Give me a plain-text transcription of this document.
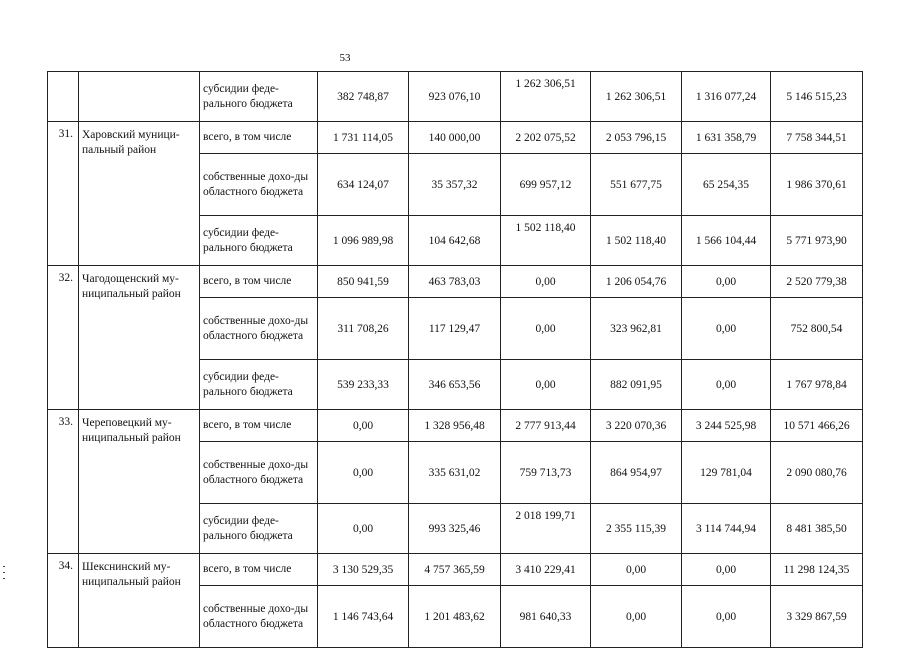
53
		субсидии феде-ральнoго бюджета	382 748,87	923 076,10	1 262 306,51	1 262 306,51	1 316 077,24	5 146 515,23
31.	Харовский муници-пальный район	всего, в том числе	1 731 114,05	140 000,00	2 202 075,52	2 053 796,15	1 631 358,79	7 758 344,51
		собственные дохо-ды областного бюджета	634 124,07	35 357,32	699 957,12	551 677,75	65 254,35	1 986 370,61
		субсидии феде-рального бюджета	1 096 989,98	104 642,68	1 502 118,40	1 502 118,40	1 566 104,44	5 771 973,90
32.	Чагодощенский му-ниципальный район	всего, в том числе	850 941,59	463 783,03	0,00	1 206 054,76	0,00	2 520 779,38
		собственные дохо-ды областного бюджета	311 708,26	117 129,47	0,00	323 962,81	0,00	752 800,54
		субсидии феде-рального бюджета	539 233,33	346 653,56	0,00	882 091,95	0,00	1 767 978,84
33.	Череповецкий му-ниципальный район	всего, в том числе	0,00	1 328 956,48	2 777 913,44	3 220 070,36	3 244 525,98	10 571 466,26
		собственные дохо-ды областного бюджета	0,00	335 631,02	759 713,73	864 954,97	129 781,04	2 090 080,76
		субсидии феде-рального бюджета	0,00	993 325,46	2 018 199,71	2 355 115,39	3 114 744,94	8 481 385,50
34.	Шекснинский му-ниципальный район	всего, в том числе	3 130 529,35	4 757 365,59	3 410 229,41	0,00	0,00	11 298 124,35
		собственные дохо-ды областного бюджета	1 146 743,64	1 201 483,62	981 640,33	0,00	0,00	3 329 867,59
